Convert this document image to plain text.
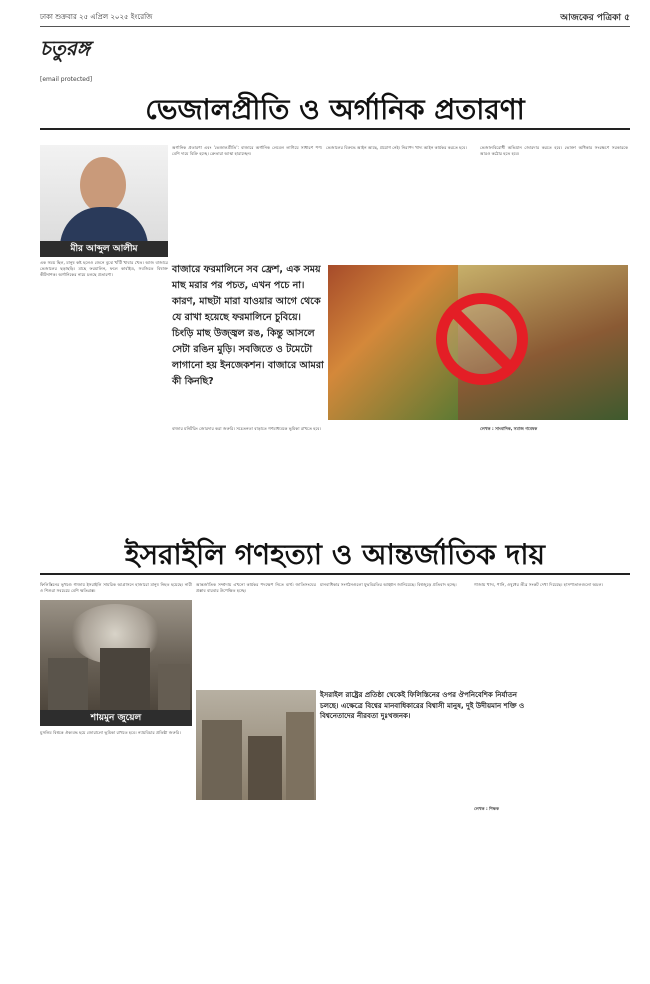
ঢাকা শুক্রবার ২৫ এপ্রিল ২০২৫ ইংরেজি	আজকের পত্রিকা ৫
চতুরঙ্গ
[email protected]
ভেজালপ্রীতি ও অর্গানিক প্রতারণা
মীর আব্দুল আলীম

এক সময় ছিল, মানুষ কষ্ট হলেও জেনে বুঝে খাঁটি খাবার খেত। আজ বাজারে ভেজালের ছড়াছড়ি। মাছে ফরমালিন, ফলে কার্বাইড, সবজিতে বিষাক্ত কীটনাশক। অর্গানিকের নামে চলছে প্রতারণা।

অর্গানিক প্রতারণা এবং 'ভেজালপ্রীতি': বাজারে অর্গানিক লেবেল লাগিয়ে সাধারণ পণ্য বেশি দামে বিক্রি হচ্ছে। ক্রেতারা আস্থা হারাচ্ছেন।

ভেজালের বিরুদ্ধে আইন আছে, প্রয়োগ নেই। নিরাপদ খাদ্য আইন কার্যকর করতে হবে।	ভেজালবিরোধী অভিযান জোরদার করতে হবে। ভোক্তা অধিকার সংরক্ষণে সরকারকে আরও কঠোর হতে হবে।

বাজারে ফরমালিনে সব ফ্রেশ, এক সময় মাছ মরার পর পচত, এখন পচে না। কারণ, মাছটা মারা যাওয়ার আগে থেকে যে রাখা হয়েছে ফরমালিনে চুবিয়ে। চিংড়ি মাছ উজ্জ্বল রঙ, কিন্তু আসলে সেটা রঙিন মুড়ি। সবজিতে ও টমেটো লাগানো হয় ইনজেকশন। বাজারে আমরা কী কিনছি?

বাজার মনিটরিং জোরদার করা জরুরি। সচেতনতা বাড়াতে গণমাধ্যমকে ভূমিকা রাখতে হবে।	লেখক : সাংবাদিক, সমাজ গবেষক

ইসরাইলি গণহত্যা ও আন্তর্জাতিক দায়

ফিলিস্তিনের ভূখণ্ডে গাজায় ইসরাইলি সামরিক আগ্রাসনে হাজারো মানুষ নিহত হয়েছে। নারী ও শিশুরা সবচেয়ে বেশি ক্ষতিগ্রস্ত।

শায়মুন জুয়েল

আন্তর্জাতিক সম্প্রদায় এখনো কার্যকর পদক্ষেপ নিতে ব্যর্থ। জাতিসংঘের প্রস্তাব বারবার উপেক্ষিত হচ্ছে।

মানবাধিকার সংগঠনগুলো যুদ্ধবিরতির আহ্বান জানিয়েছে। বিশ্বজুড়ে প্রতিবাদ হচ্ছে।	গাজায় খাদ্য, পানি, ওষুধের তীব্র সংকট দেখা দিয়েছে। হাসপাতালগুলো অচল।

ইসরাইল রাষ্ট্রের প্রতিষ্ঠা থেকেই ফিলিস্তিনের ওপর ঔপনিবেশিক নির্যাতন চলছে। এক্ষেত্রে বিশ্বের মানবাধিকারের বিশ্বাসী মানুষ, দুই উদীয়মান শক্তি ও বিশ্বনেতাদের নীরবতা দুঃখজনক।

মুসলিম বিশ্বকে ঐক্যবদ্ধ হয়ে জোরালো ভূমিকা রাখতে হবে। ন্যায়বিচার প্রতিষ্ঠা জরুরি।

লেখক : শিক্ষক
